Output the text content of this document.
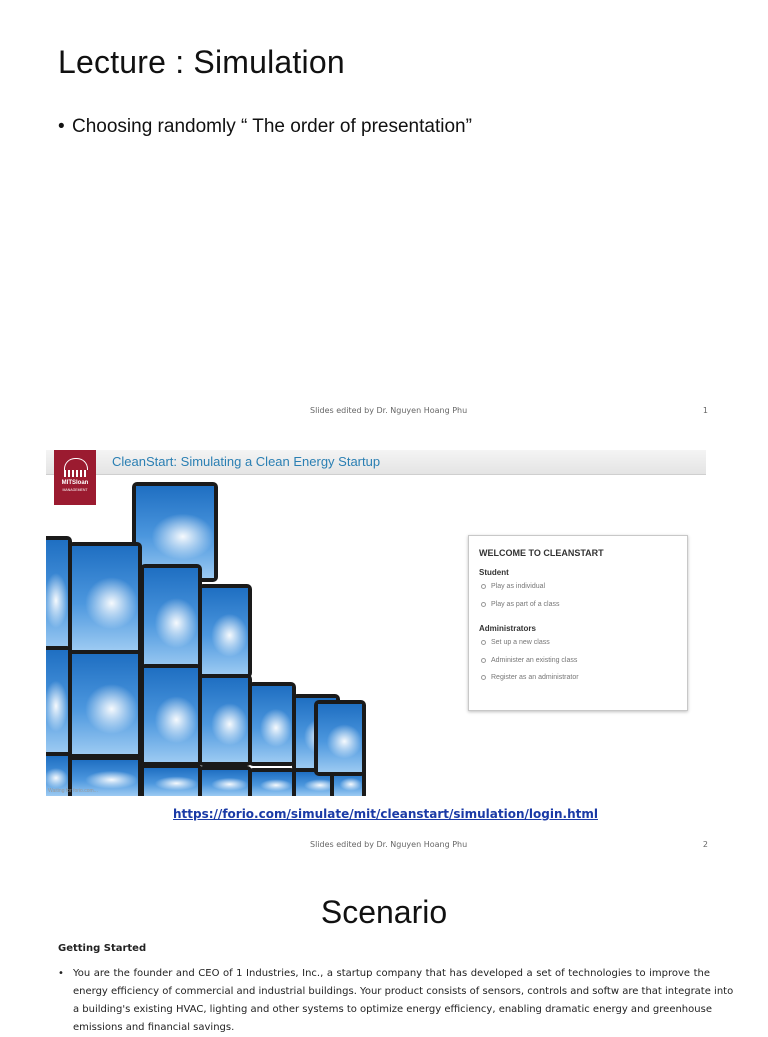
Lecture : Simulation
• Choosing randomly “ The order of presentation”
Slides edited by Dr. Nguyen Hoang Phu	1
CleanStart: Simulating a Clean Energy Startup
MITSloan
MANAGEMENT
WELCOME TO CLEANSTART
Student
Play as individual
Play as part of a class
Administrators
Set up a new class
Administer an existing class
Register as an administrator
Waiting for forio.com...
https://forio.com/simulate/mit/cleanstart/simulation/login.html
Slides edited by Dr. Nguyen Hoang Phu	2
Scenario
Getting Started
• You are the founder and CEO of 1 Industries, Inc., a startup company that has developed a set of technologies to improve the
energy efficiency of commercial and industrial buildings. Your product consists of sensors, controls and softw are that integrate into
a building's existing HVAC, lighting and other systems to optimize energy efficiency, enabling dramatic energy and greenhouse
emissions and financial savings.
